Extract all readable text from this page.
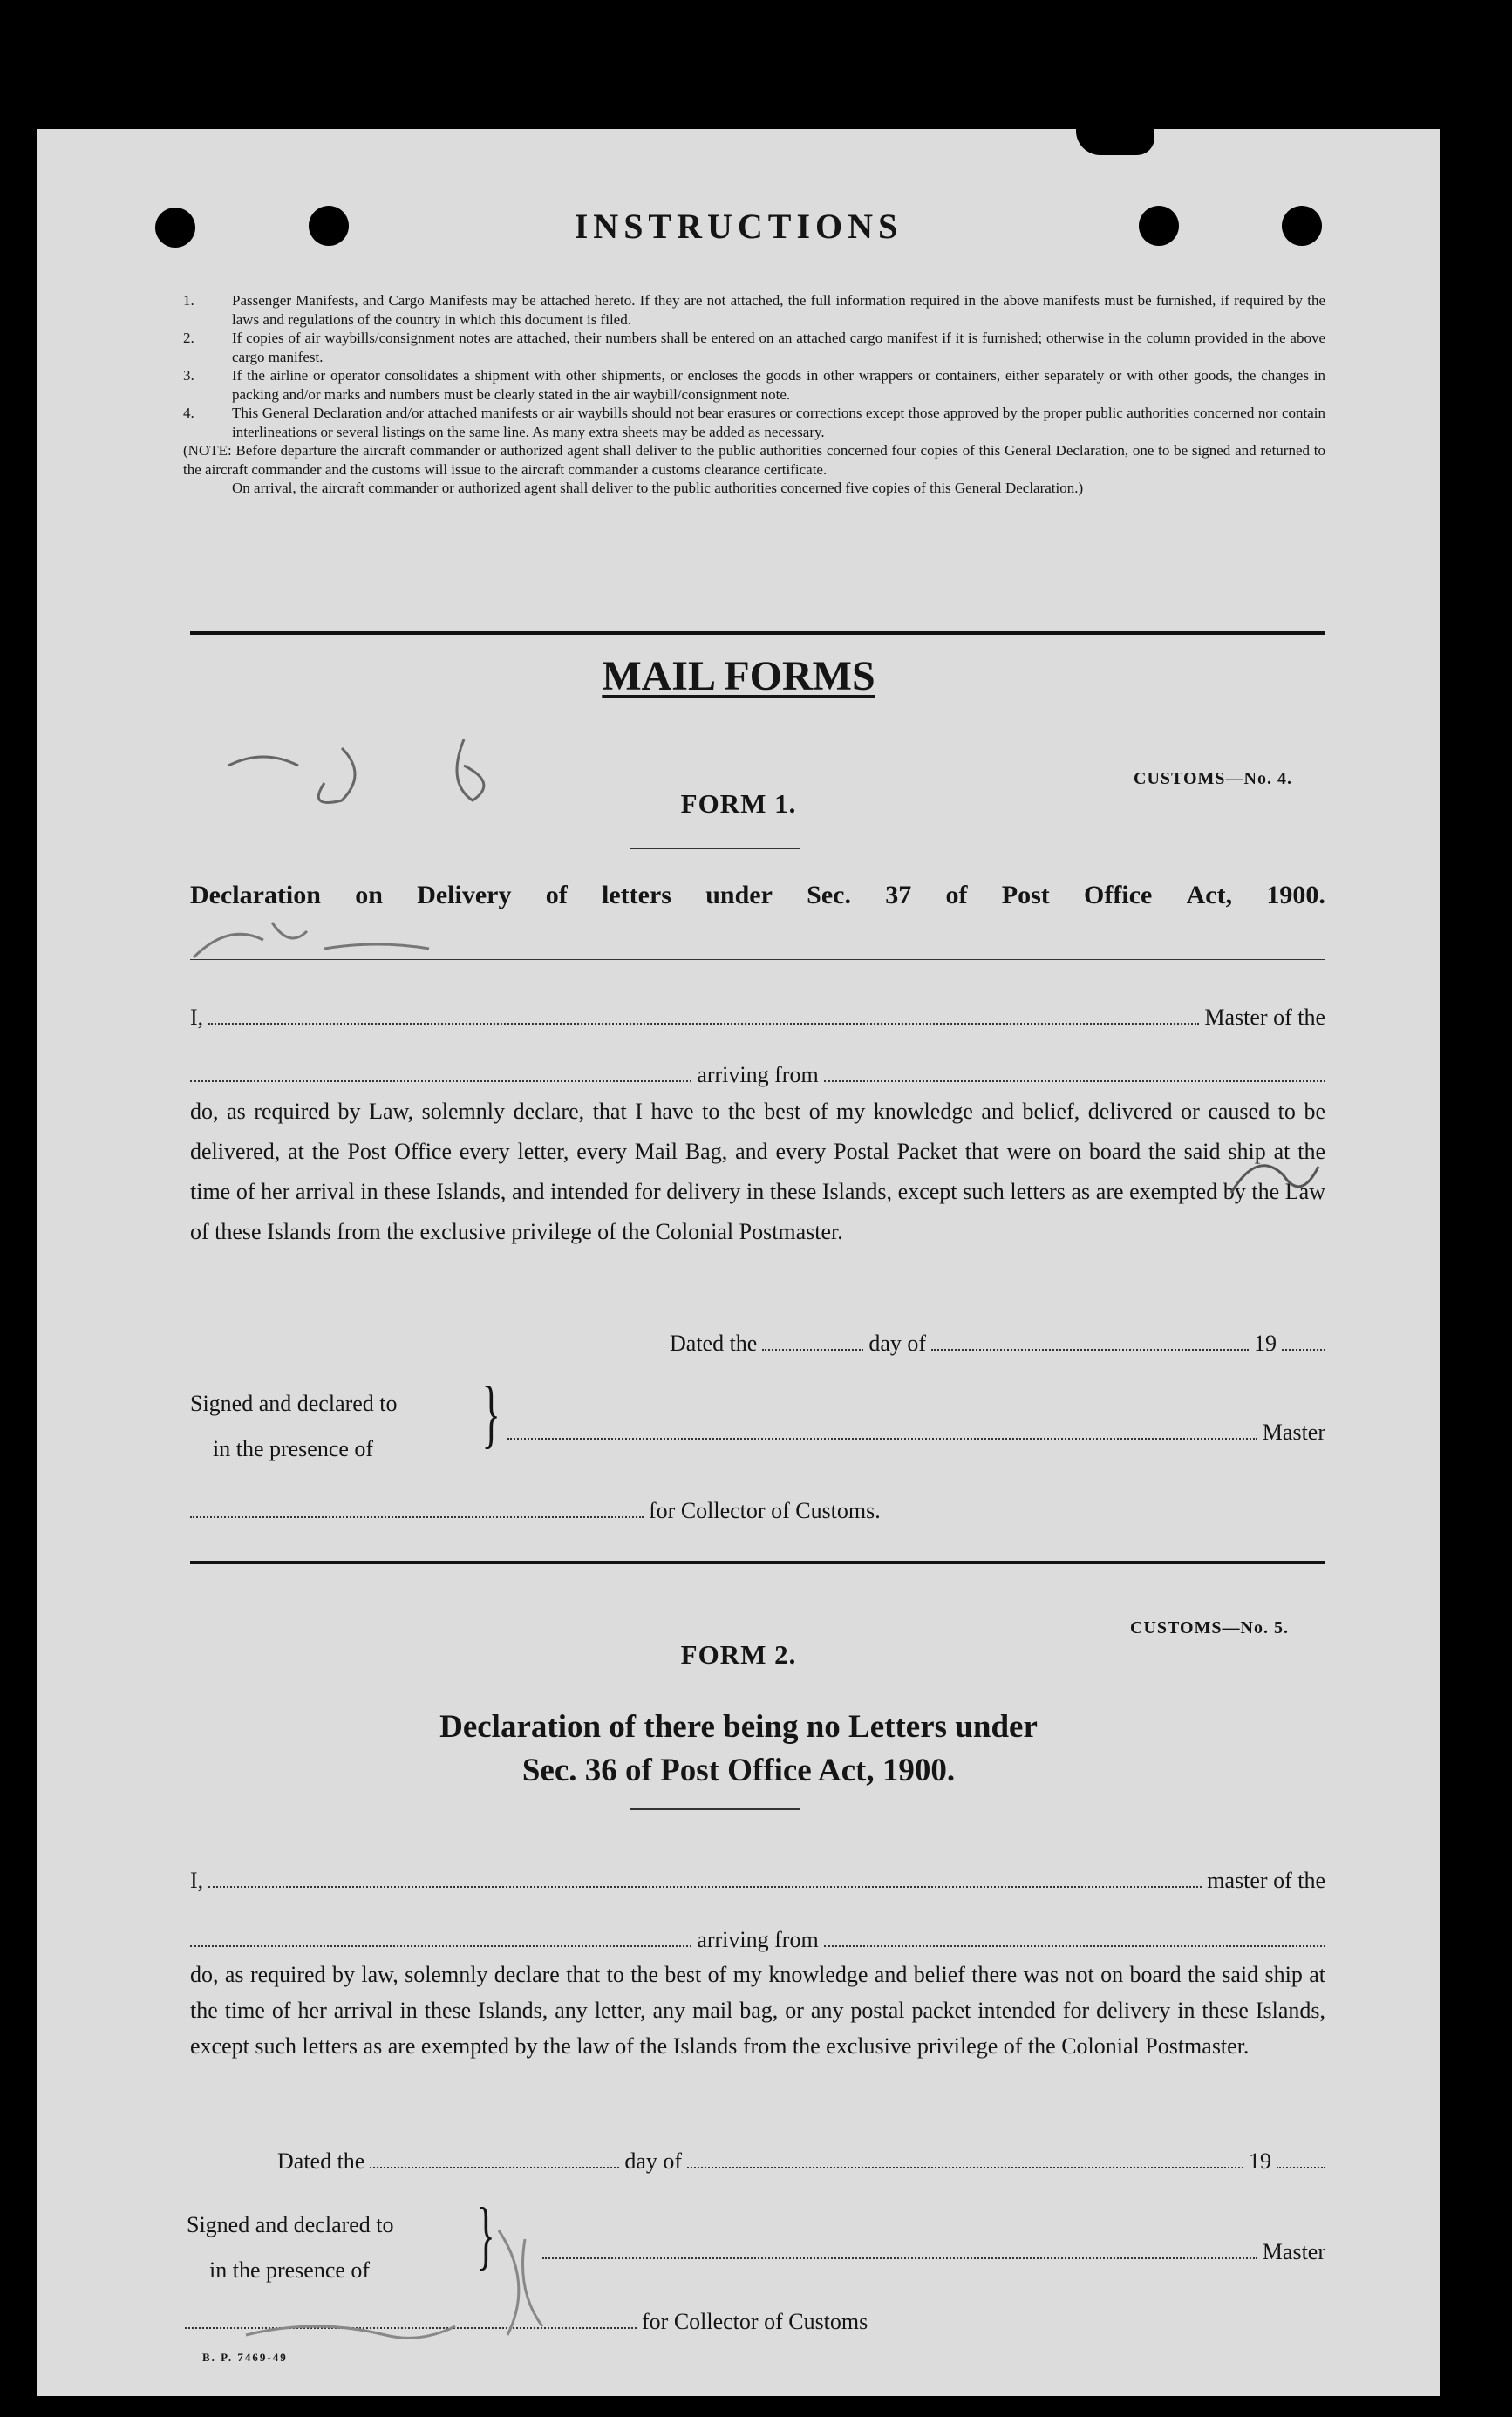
INSTRUCTIONS

1.	Passenger Manifests, and Cargo Manifests may be attached hereto. If they are not attached, the full information required in the above manifests must be furnished, if required by the laws and regulations of the country in which this document is filed.

2.	If copies of air waybills/consignment notes are attached, their numbers shall be entered on an attached cargo manifest if it is furnished; otherwise in the column provided in the above cargo manifest.

3.	If the airline or operator consolidates a shipment with other shipments, or encloses the goods in other wrappers or containers, either separately or with other goods, the changes in packing and/or marks and numbers must be clearly stated in the air waybill/consignment note.

4.	This General Declaration and/or attached manifests or air waybills should not bear erasures or corrections except those approved by the proper public authorities concerned nor contain interlineations or several listings on the same line. As many extra sheets may be added as necessary.

(NOTE: Before departure the aircraft commander or authorized agent shall deliver to the public authorities concerned four copies of this General Declaration, one to be signed and returned to the aircraft commander and the customs will issue to the aircraft commander a customs clearance certificate.

On arrival, the aircraft commander or authorized agent shall deliver to the public authorities concerned five copies of this General Declaration.)

MAIL FORMS
CUSTOMS—No. 4.
FORM 1.
Declaration on Delivery of letters under Sec. 37 of Post Office Act, 1900.
I,	Master of the
arriving from
do, as required by Law, solemnly declare, that I have to the best of my knowledge and belief, delivered or caused to be delivered, at the Post Office every letter, every Mail Bag, and every Postal Packet that were on board the said ship at the time of her arrival in these Islands, and intended for delivery in these Islands, except such letters as are exempted by the Law of these Islands from the exclusive privilege of the Colonial Postmaster.
Dated the	day of	19
Signed and declared to
in the presence of	}	Master
for Collector of Customs.
CUSTOMS—No. 5.
FORM 2.
Declaration of there being no Letters under
Sec. 36 of Post Office Act, 1900.
I,	master of the
arriving from
do, as required by law, solemnly declare that to the best of my knowledge and belief there was not on board the said ship at the time of her arrival in these Islands, any letter, any mail bag, or any postal packet intended for delivery in these Islands, except such letters as are exempted by the law of the Islands from the exclusive privilege of the Colonial Postmaster.
Dated the	day of	19
Signed and declared to
in the presence of	}	Master
for Collector of Customs
B. P. 7469-49
